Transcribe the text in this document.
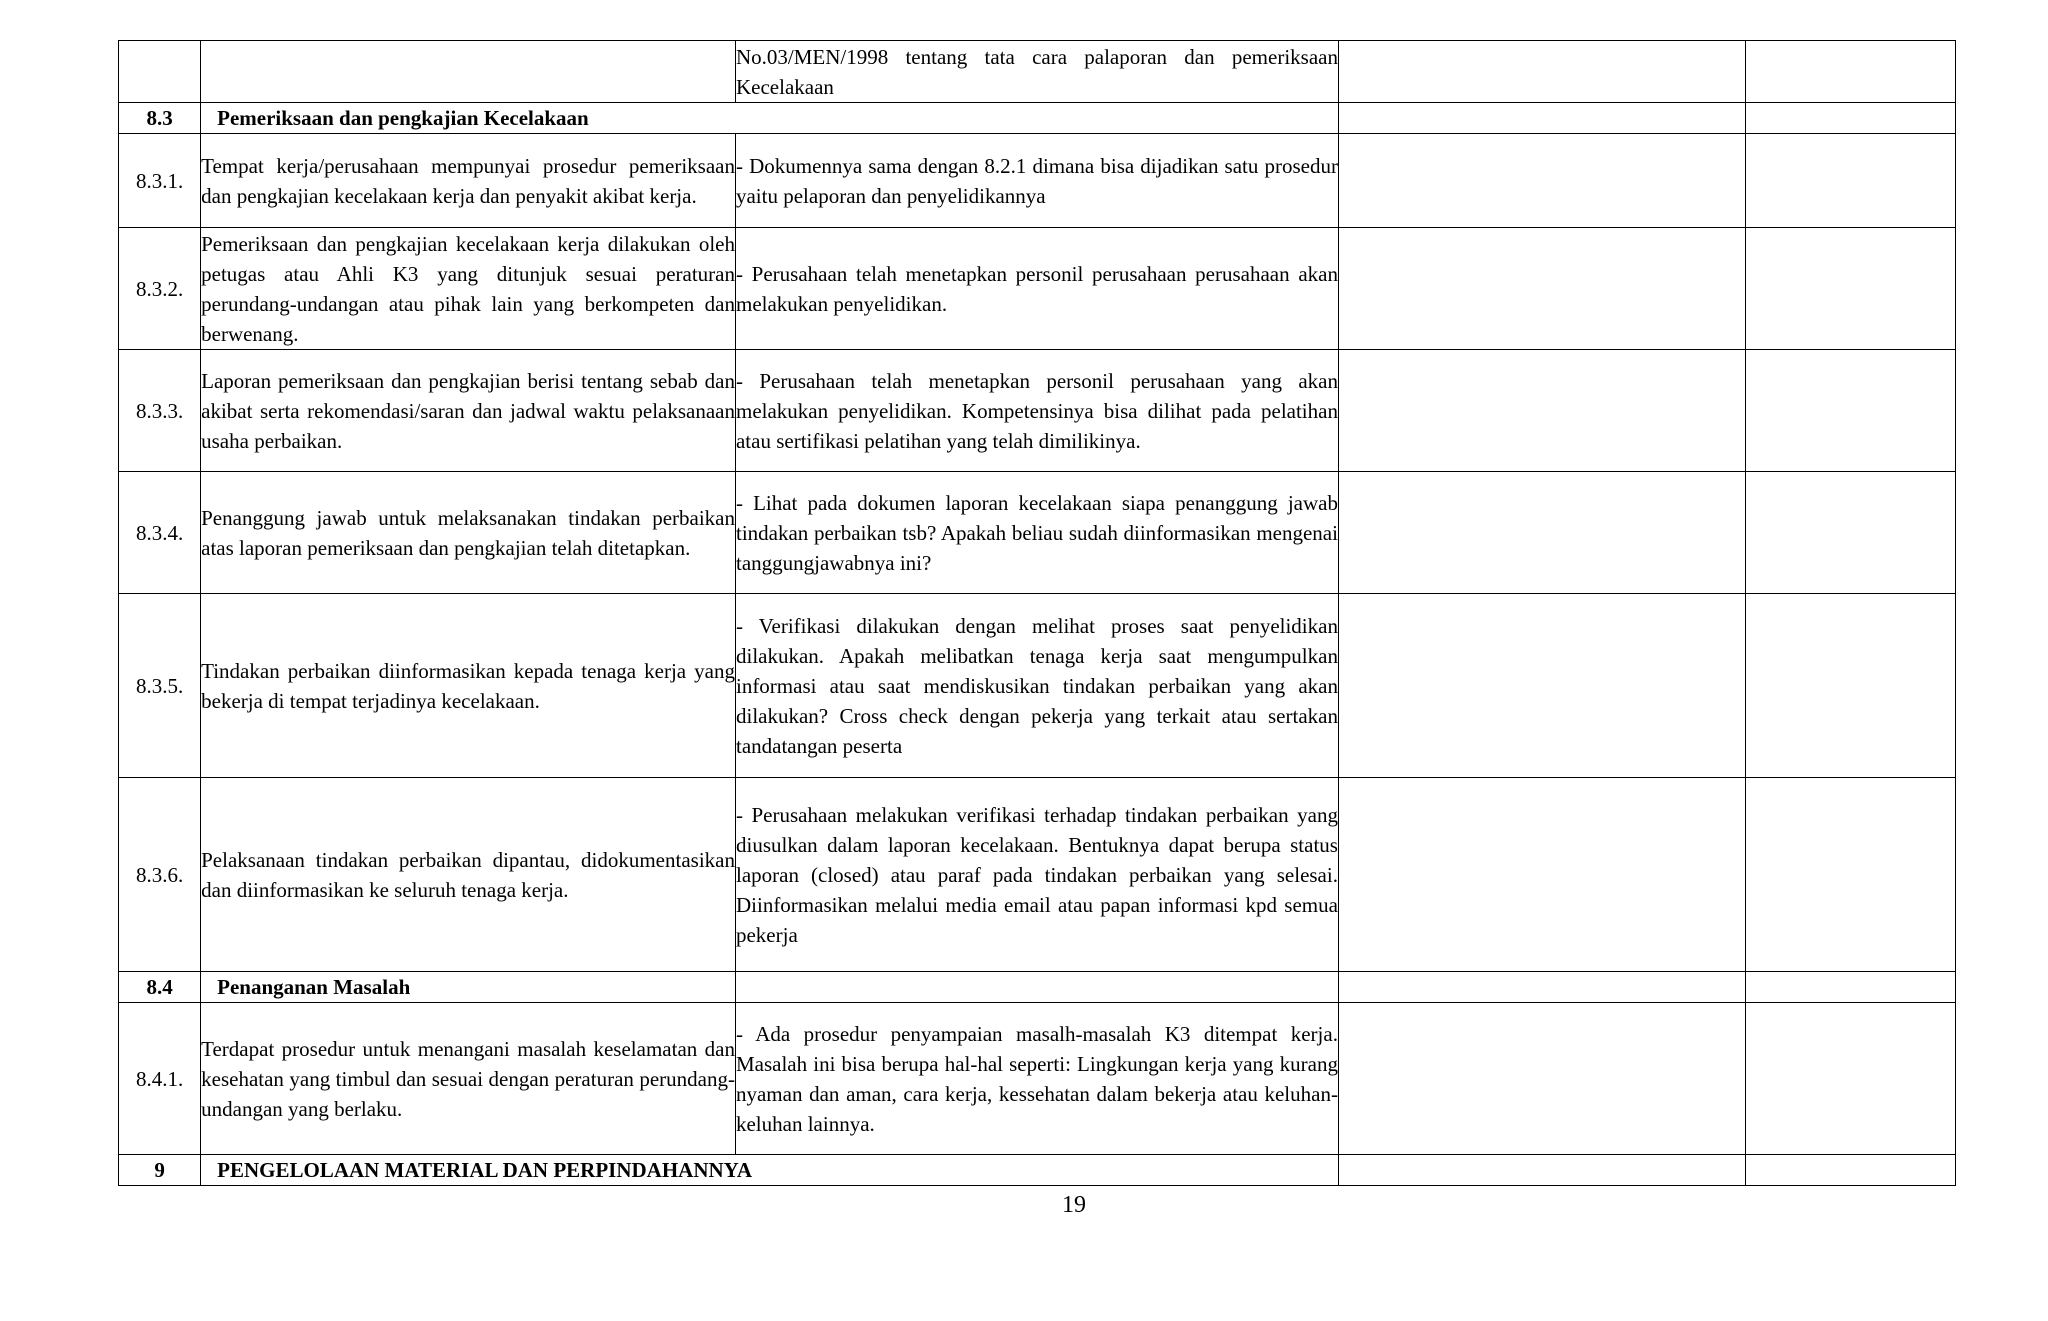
		No.03/MEN/1998 tentang tata cara palaporan dan pemeriksaan Kecelakaan		
8.3	Pemeriksaan dan pengkajian Kecelakaan			
8.3.1.	Tempat kerja/perusahaan mempunyai prosedur pemeriksaan dan pengkajian kecelakaan kerja dan penyakit akibat kerja.	- Dokumennya sama dengan 8.2.1 dimana bisa dijadikan satu prosedur yaitu pelaporan dan penyelidikannya		
8.3.2.	Pemeriksaan dan pengkajian kecelakaan kerja dilakukan oleh petugas atau Ahli K3 yang ditunjuk sesuai peraturan perundang-undangan atau pihak lain yang berkompeten dan berwenang.	- Perusahaan telah menetapkan personil perusahaan perusahaan akan melakukan penyelidikan.		
8.3.3.	Laporan pemeriksaan dan pengkajian berisi tentang sebab dan akibat serta rekomendasi/saran dan jadwal waktu pelaksanaan usaha perbaikan.	- Perusahaan telah menetapkan personil perusahaan yang akan melakukan penyelidikan. Kompetensinya bisa dilihat pada pelatihan atau sertifikasi pelatihan yang telah dimilikinya.		
8.3.4.	Penanggung jawab untuk melaksanakan tindakan perbaikan atas laporan pemeriksaan dan pengkajian telah ditetapkan.	- Lihat pada dokumen laporan kecelakaan siapa penanggung jawab tindakan perbaikan tsb? Apakah beliau sudah diinformasikan mengenai tanggungjawabnya ini?		
8.3.5.	Tindakan perbaikan diinformasikan kepada tenaga kerja yang bekerja di tempat terjadinya kecelakaan.	- Verifikasi dilakukan dengan melihat proses saat penyelidikan dilakukan. Apakah melibatkan tenaga kerja saat mengumpulkan informasi atau saat mendiskusikan tindakan perbaikan yang akan dilakukan? Cross check dengan pekerja yang terkait atau sertakan tandatangan peserta		
8.3.6.	Pelaksanaan tindakan perbaikan dipantau, didokumentasikan dan diinformasikan ke seluruh tenaga kerja.	- Perusahaan melakukan verifikasi terhadap tindakan perbaikan yang diusulkan dalam laporan kecelakaan. Bentuknya dapat berupa status laporan (closed) atau paraf pada tindakan perbaikan yang selesai. Diinformasikan melalui media email atau papan informasi kpd semua pekerja		
8.4	Penanganan Masalah			
8.4.1.	Terdapat prosedur untuk menangani masalah keselamatan dan kesehatan yang timbul dan sesuai dengan peraturan perundang-undangan yang berlaku.	- Ada prosedur penyampaian masalh-masalah K3 ditempat kerja. Masalah ini bisa berupa hal-hal seperti: Lingkungan kerja yang kurang nyaman dan aman, cara kerja, kessehatan dalam bekerja atau keluhan-keluhan lainnya.		
9	PENGELOLAAN MATERIAL DAN PERPINDAHANNYA			
19
